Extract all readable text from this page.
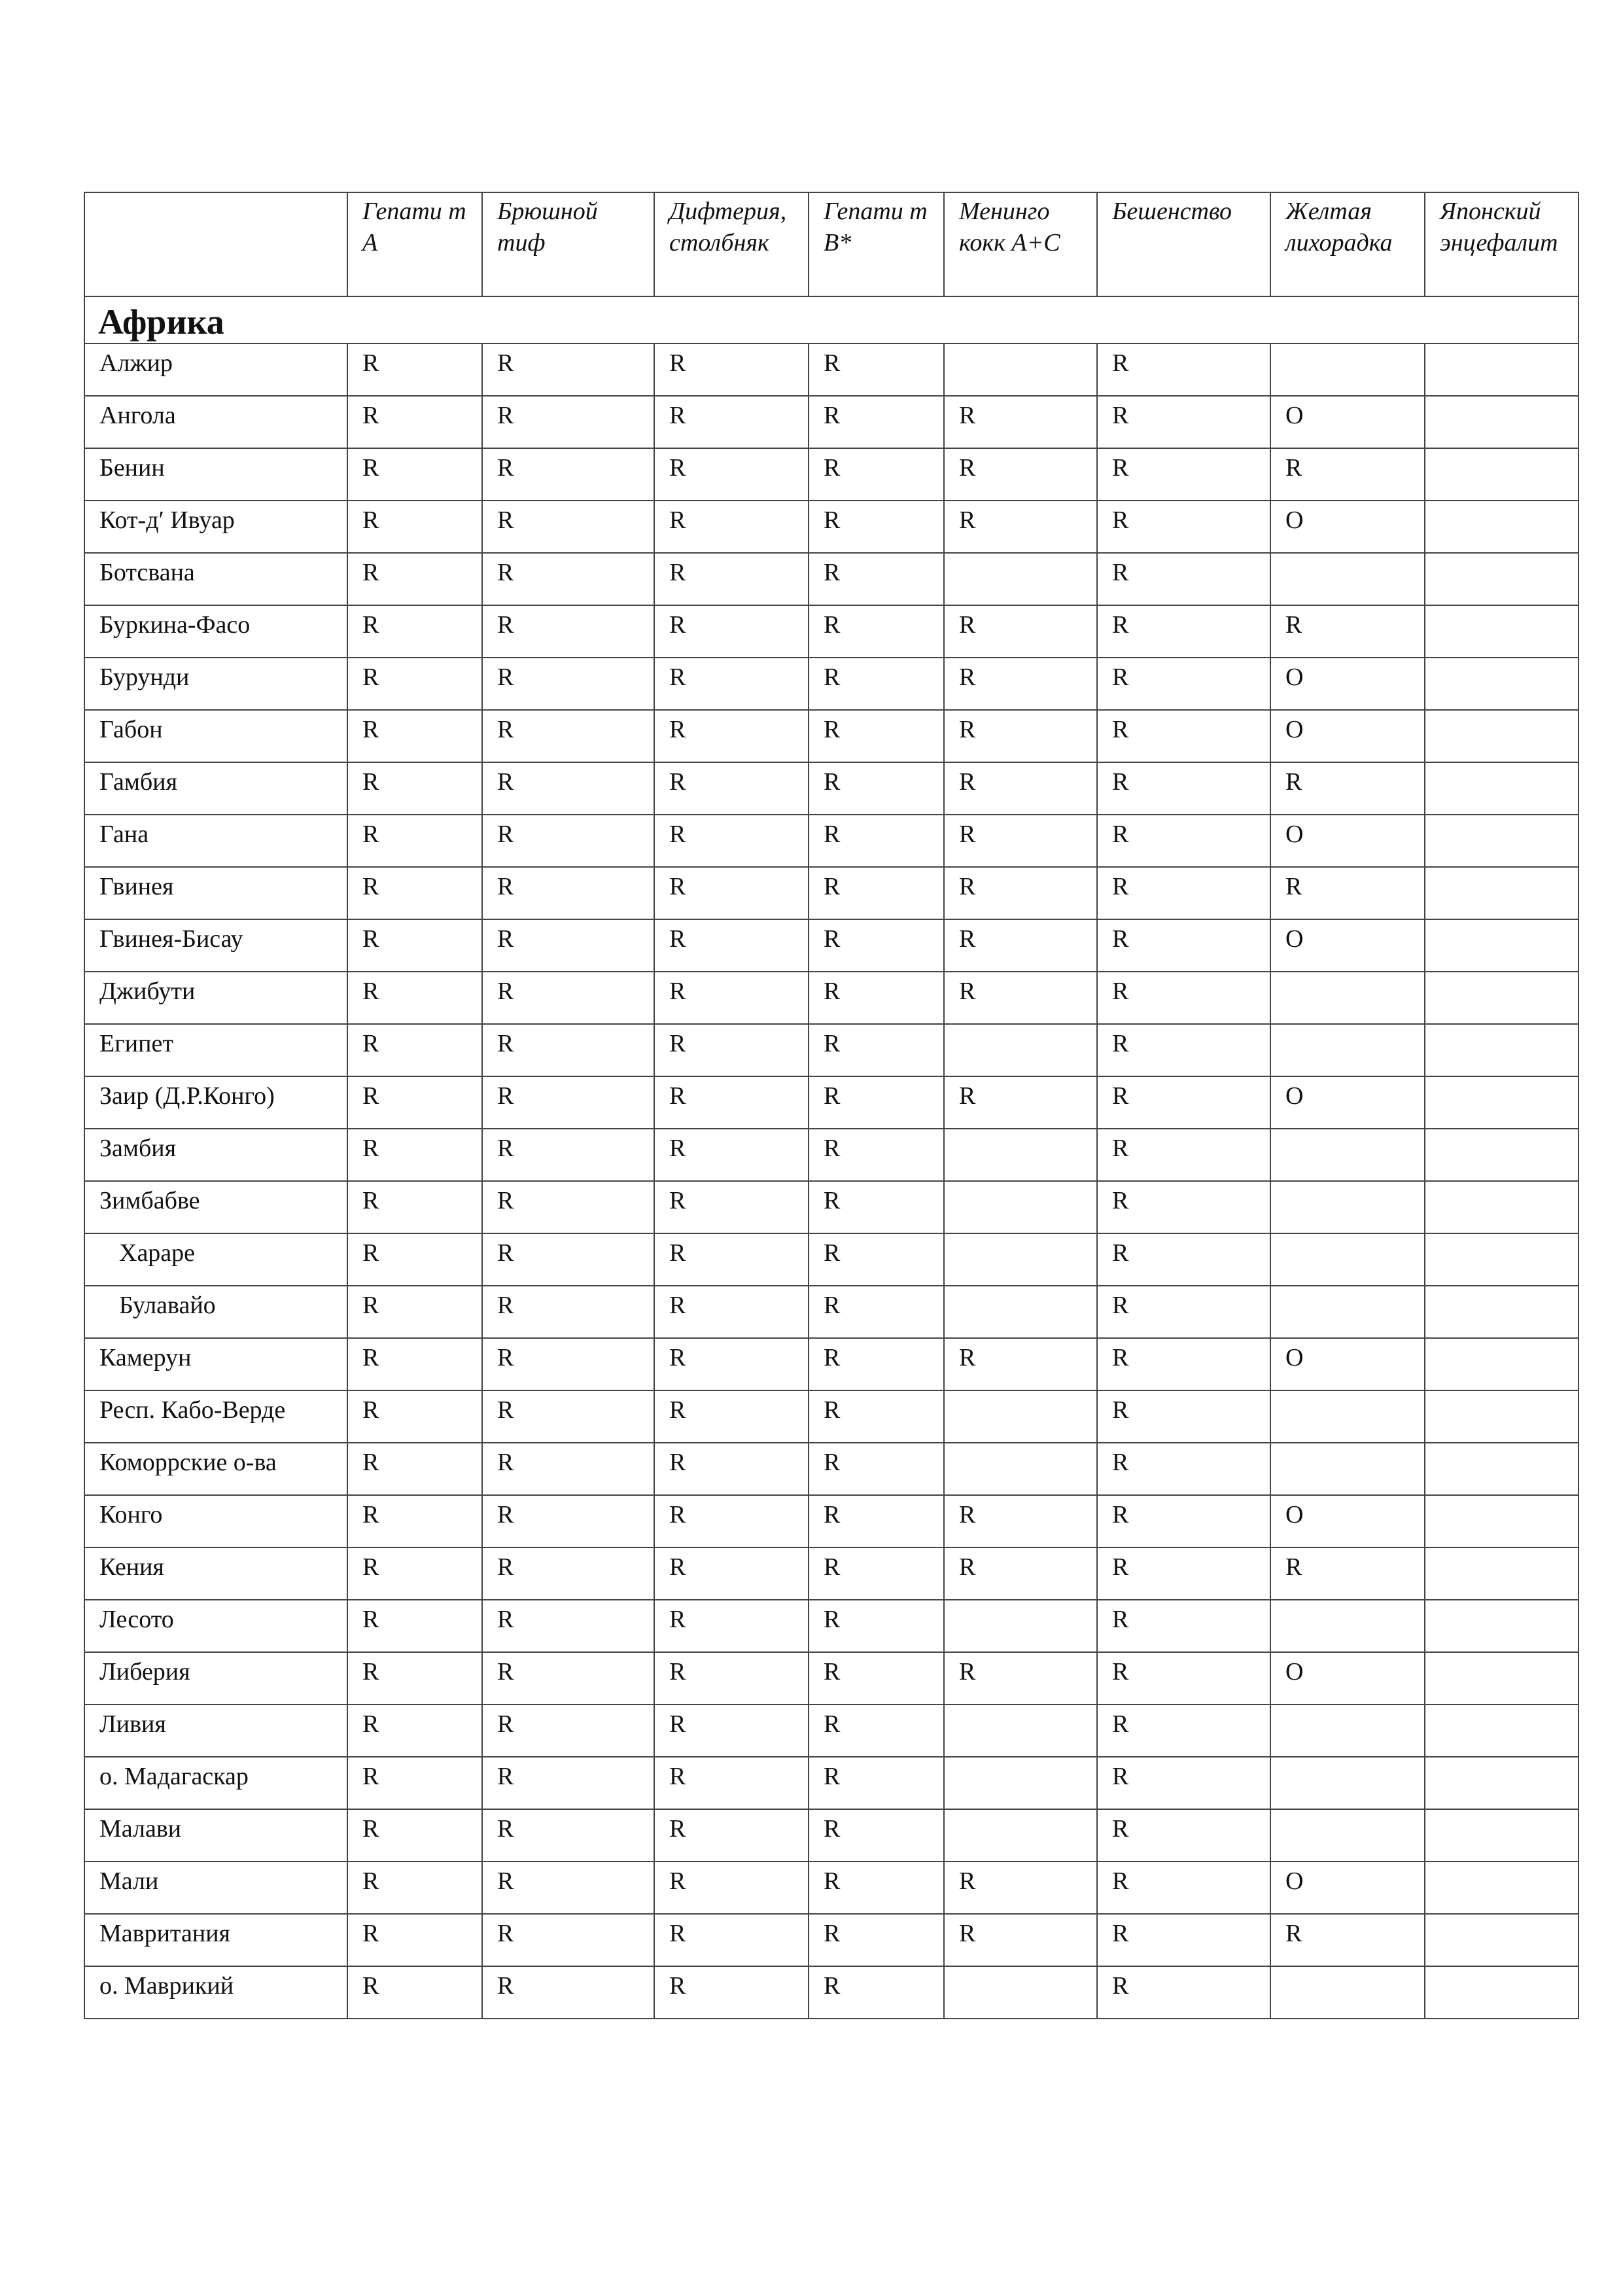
	Гепати т А	Брюшной тиф	Дифтерия, столбняк	Гепати т В*	Менинго кокк А+С	Бешенство	Желтая лихорадка	Японский энцефалит
Африка								

Алжир	R	R	R	R		R		

Ангола	R	R	R	R	R	R	O	

Бенин	R	R	R	R	R	R	R	

Кот-д′ Ивуар	R	R	R	R	R	R	O	

Ботсвана	R	R	R	R		R		

Буркина-Фасо	R	R	R	R	R	R	R	

Бурунди	R	R	R	R	R	R	O	

Габон	R	R	R	R	R	R	O	

Гамбия	R	R	R	R	R	R	R	

Гана	R	R	R	R	R	R	O	

Гвинея	R	R	R	R	R	R	R	

Гвинея-Бисау	R	R	R	R	R	R	O	

Джибути	R	R	R	R	R	R		

Египет	R	R	R	R		R		

Заир (Д.Р.Конго)	R	R	R	R	R	R	O	

Замбия	R	R	R	R		R		

Зимбабве	R	R	R	R		R		

Хараре	R	R	R	R		R		

Булавайо	R	R	R	R		R		

Камерун	R	R	R	R	R	R	O	

Респ. Кабо-Верде	R	R	R	R		R		

Коморрские о-ва	R	R	R	R		R		

Конго	R	R	R	R	R	R	O	

Кения	R	R	R	R	R	R	R	

Лесото	R	R	R	R		R		

Либерия	R	R	R	R	R	R	O	

Ливия	R	R	R	R		R		

о. Мадагаскар	R	R	R	R		R		

Малави	R	R	R	R		R		

Мали	R	R	R	R	R	R	O	

Мавритания	R	R	R	R	R	R	R	

о. Маврикий	R	R	R	R		R		
